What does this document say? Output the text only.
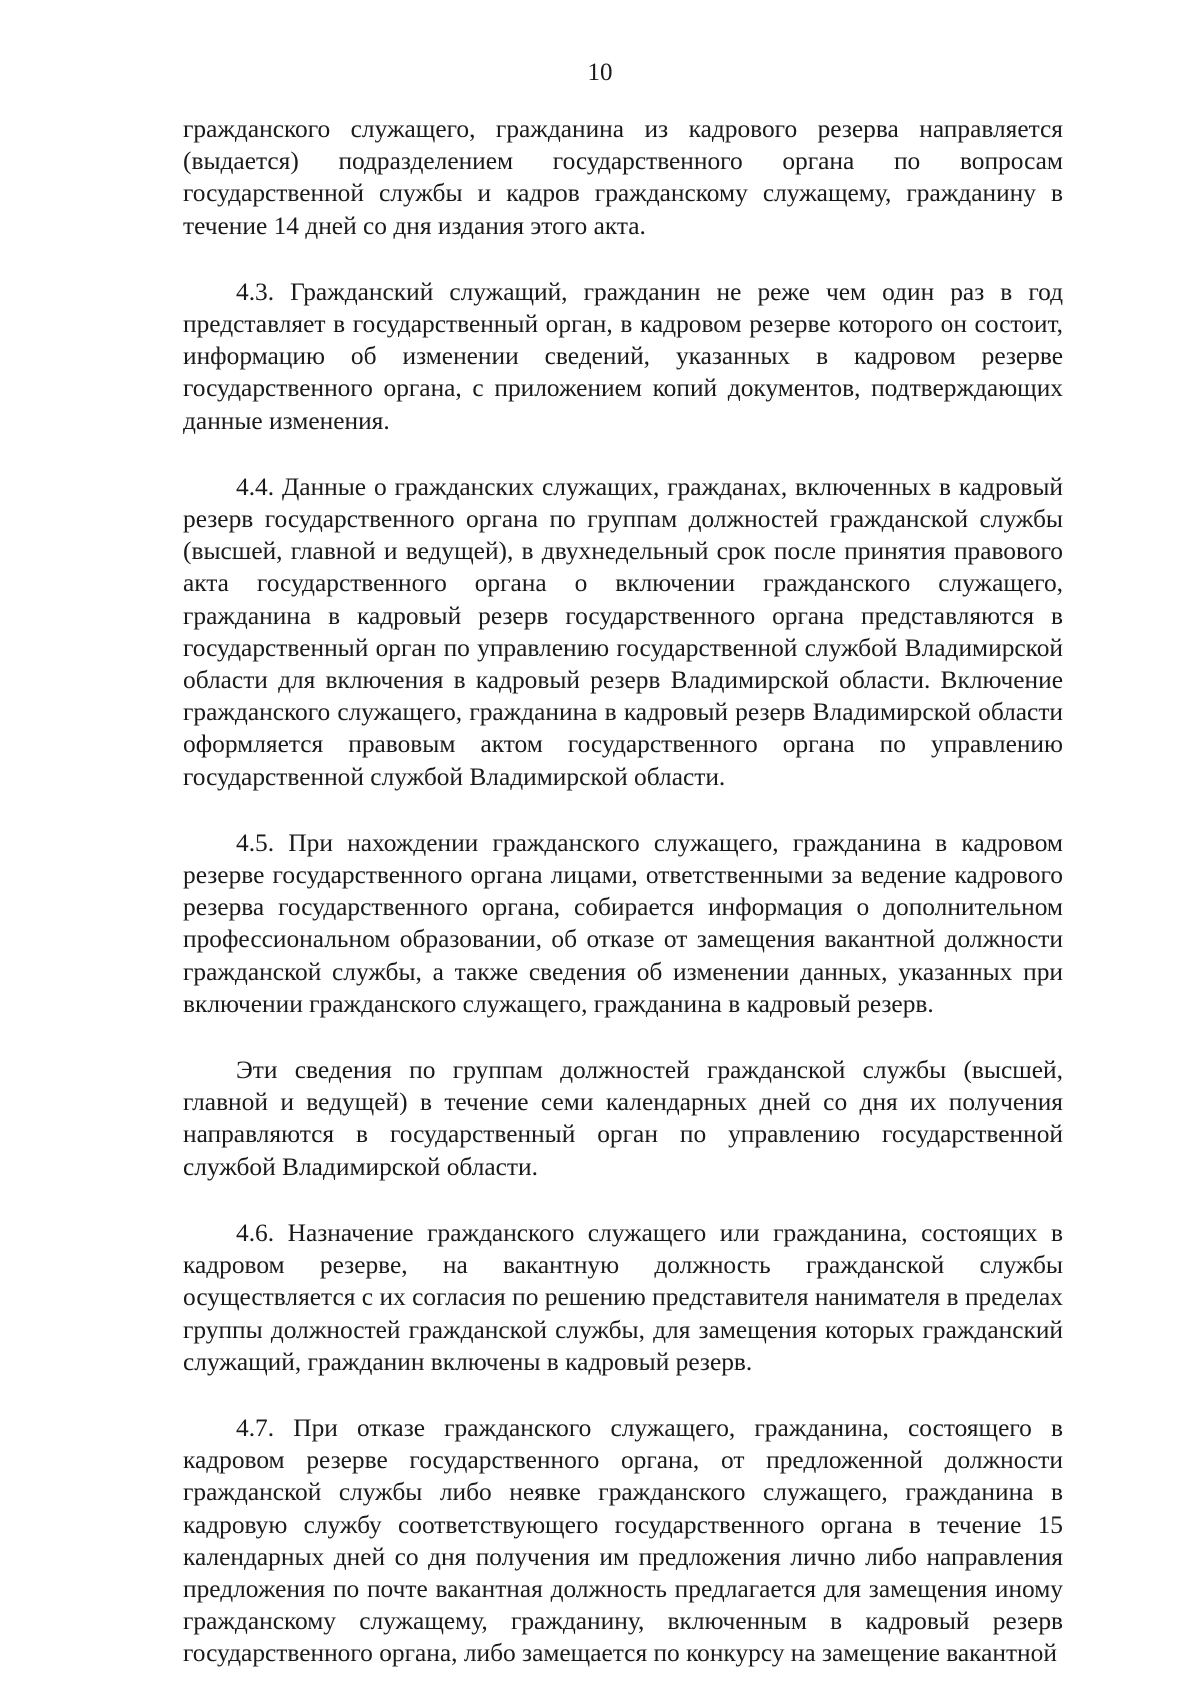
10

гражданского служащего, гражданина из кадрового резерва направляется (выдается) подразделением государственного органа по вопросам государственной службы и кадров гражданскому служащему, гражданину в течение 14 дней со дня издания этого акта.

4.3. Гражданский служащий, гражданин не реже чем один раз в год представляет в государственный орган, в кадровом резерве которого он состоит, информацию об изменении сведений, указанных в кадровом резерве государственного органа, с приложением копий документов, подтверждающих данные изменения.

4.4. Данные о гражданских служащих, гражданах, включенных в кадровый резерв государственного органа по группам должностей гражданской службы (высшей, главной и ведущей), в двухнедельный срок после принятия правового акта государственного органа о включении гражданского служащего, гражданина в кадровый резерв государственного органа представляются в государственный орган по управлению государственной службой Владимирской области для включения в кадровый резерв Владимирской области. Включение гражданского служащего, гражданина в кадровый резерв Владимирской области оформляется правовым актом государственного органа по управлению государственной службой Владимирской области.

4.5. При нахождении гражданского служащего, гражданина в кадровом резерве государственного органа лицами, ответственными за ведение кадрового резерва государственного органа, собирается информация о дополнительном профессиональном образовании, об отказе от замещения вакантной должности гражданской службы, а также сведения об изменении данных, указанных при включении гражданского служащего, гражданина в кадровый резерв.

Эти сведения по группам должностей гражданской службы (высшей, главной и ведущей) в течение семи календарных дней со дня их получения направляются в государственный орган по управлению государственной службой Владимирской области.

4.6. Назначение гражданского служащего или гражданина, состоящих в кадровом резерве, на вакантную должность гражданской службы осуществляется с их согласия по решению представителя нанимателя в пределах группы должностей гражданской службы, для замещения которых гражданский служащий, гражданин включены в кадровый резерв.

4.7. При отказе гражданского служащего, гражданина, состоящего в кадровом резерве государственного органа, от предложенной должности гражданской службы либо неявке гражданского служащего, гражданина в кадровую службу соответствующего государственного органа в течение 15 календарных дней со дня получения им предложения лично либо направления предложения по почте вакантная должность предлагается для замещения иному гражданскому служащему, гражданину, включенным в кадровый резерв государственного органа, либо замещается по конкурсу на замещение вакантной
